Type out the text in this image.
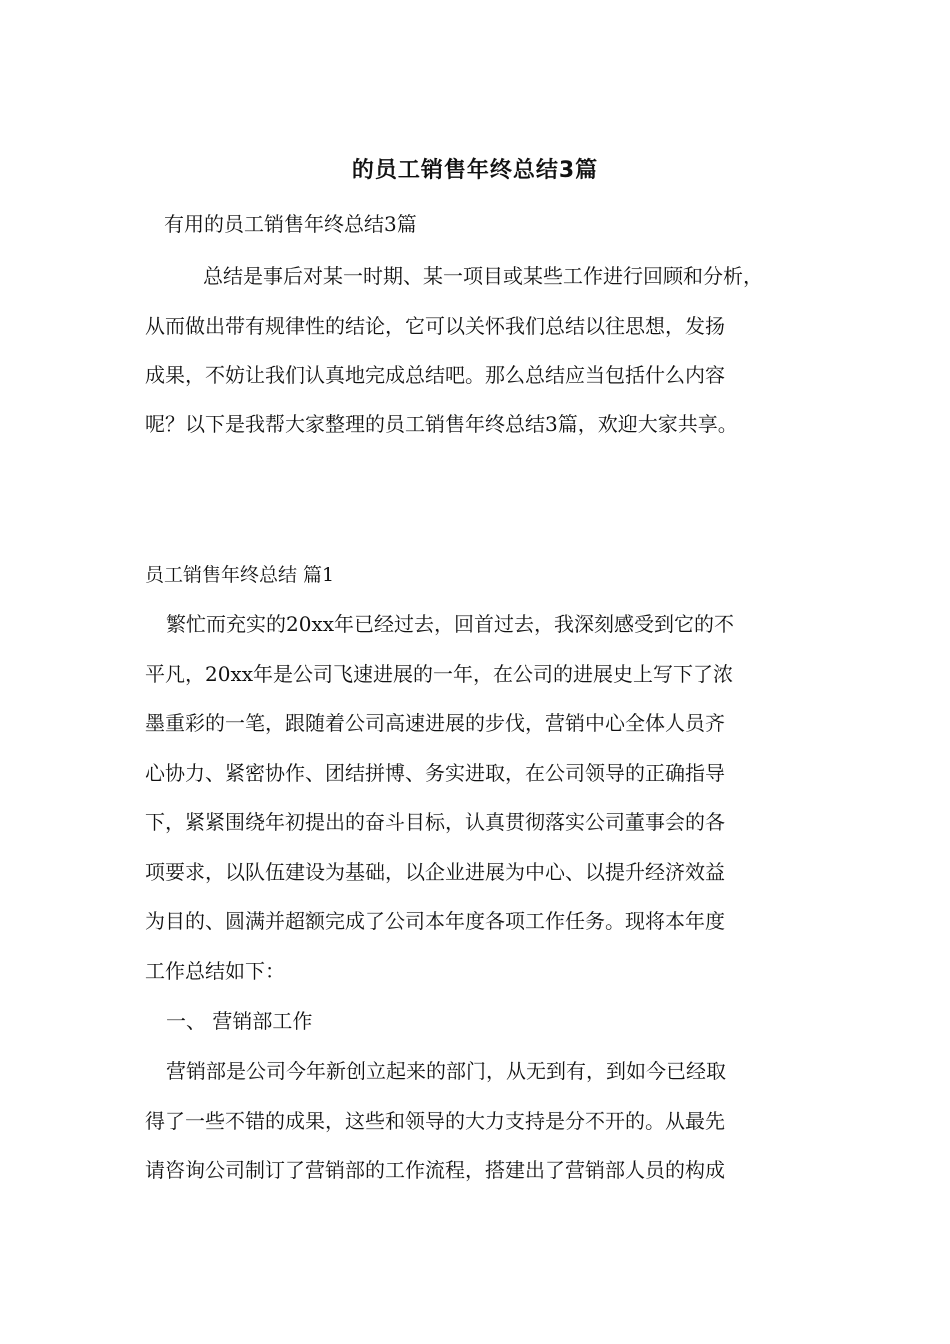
的员工销售年终总结3篇
有用的员工销售年终总结3篇
总结是事后对某一时期、某一项目或某些工作进行回顾和分析，
从而做出带有规律性的结论，它可以关怀我们总结以往思想，发扬
成果，不妨让我们认真地完成总结吧。那么总结应当包括什么内容
呢？以下是我帮大家整理的员工销售年终总结3篇，欢迎大家共享。
员工销售年终总结 篇1
繁忙而充实的20xx年已经过去，回首过去，我深刻感受到它的不
平凡，20xx年是公司飞速进展的一年，在公司的进展史上写下了浓
墨重彩的一笔，跟随着公司高速进展的步伐，营销中心全体人员齐
心协力、紧密协作、团结拼博、务实进取，在公司领导的正确指导
下，紧紧围绕年初提出的奋斗目标，认真贯彻落实公司董事会的各
项要求，以队伍建设为基础，以企业进展为中心、以提升经济效益
为目的、圆满并超额完成了公司本年度各项工作任务。现将本年度
工作总结如下：
一、 营销部工作
营销部是公司今年新创立起来的部门，从无到有，到如今已经取
得了一些不错的成果，这些和领导的大力支持是分不开的。从最先
请咨询公司制订了营销部的工作流程，搭建出了营销部人员的构成
